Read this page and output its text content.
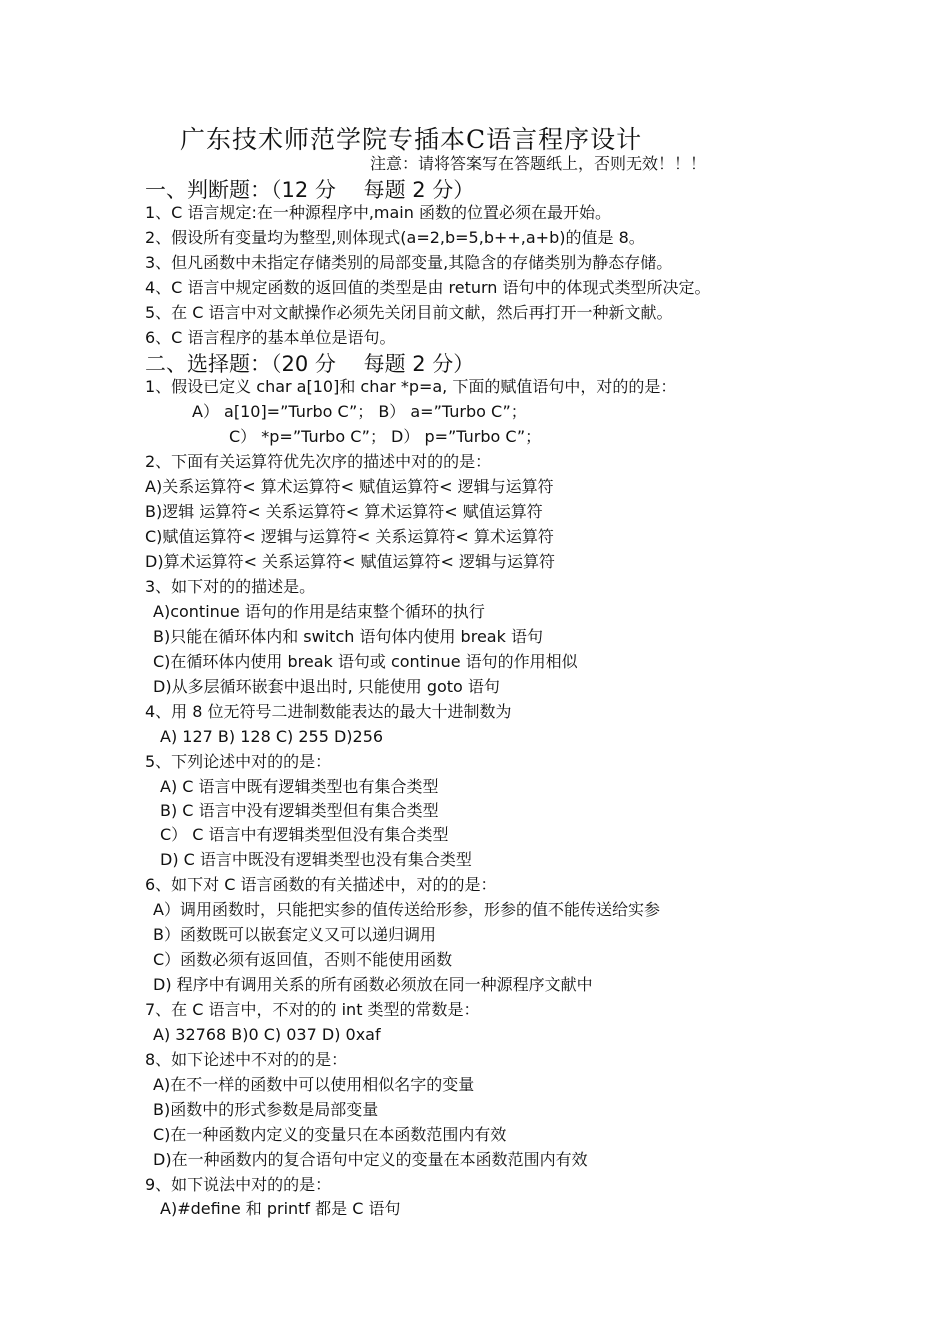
广东技术师范学院专插本C语言程序设计
注意：请将答案写在答题纸上，否则无效！！！
一、判断题：（12 分　 每题 2 分）
1、C 语言规定:在一种源程序中,main 函数的位置必须在最开始。
2、假设所有变量均为整型,则体现式(a=2,b=5,b++,a+b)的值是 8。
3、但凡函数中未指定存储类别的局部变量,其隐含的存储类别为静态存储。
4、C 语言中规定函数的返回值的类型是由 return 语句中的体现式类型所决定。
5、在 C 语言中对文献操作必须先关闭目前文献，然后再打开一种新文献。
6、C 语言程序的基本单位是语句。
二、选择题：（20 分　 每题 2 分）
1、假设已定义 char a[10]和 char *p=a, 下面的赋值语句中，对的的是：
A） a[10]=”Turbo C”； B） a=”Turbo C”；
C） *p=”Turbo C”； D） p=”Turbo C”；
2、下面有关运算符优先次序的描述中对的的是：
A)关系运算符< 算术运算符< 赋值运算符< 逻辑与运算符
B)逻辑 运算符< 关系运算符< 算术运算符< 赋值运算符
C)赋值运算符< 逻辑与运算符< 关系运算符< 算术运算符
D)算术运算符< 关系运算符< 赋值运算符< 逻辑与运算符
3、如下对的的描述是。
A)continue 语句的作用是结束整个循环的执行
B)只能在循环体内和 switch 语句体内使用 break 语句
C)在循环体内使用 break 语句或 continue 语句的作用相似
D)从多层循环嵌套中退出时, 只能使用 goto 语句
4、用 8 位无符号二进制数能表达的最大十进制数为
A) 127 B) 128 C) 255 D)256
5、下列论述中对的的是：
A) C 语言中既有逻辑类型也有集合类型
B) C 语言中没有逻辑类型但有集合类型
C） C 语言中有逻辑类型但没有集合类型
D) C 语言中既没有逻辑类型也没有集合类型
6、如下对 C 语言函数的有关描述中，对的的是：
A）调用函数时，只能把实参的值传送给形参，形参的值不能传送给实参
B）函数既可以嵌套定义又可以递归调用
C）函数必须有返回值，否则不能使用函数
D) 程序中有调用关系的所有函数必须放在同一种源程序文献中
7、在 C 语言中，不对的的 int 类型的常数是：
A) 32768 B)0 C) 037 D) 0xaf
8、如下论述中不对的的是：
A)在不一样的函数中可以使用相似名字的变量
B)函数中的形式参数是局部变量
C)在一种函数内定义的变量只在本函数范围内有效
D)在一种函数内的复合语句中定义的变量在本函数范围内有效
9、如下说法中对的的是：
A)#define 和 printf 都是 C 语句
